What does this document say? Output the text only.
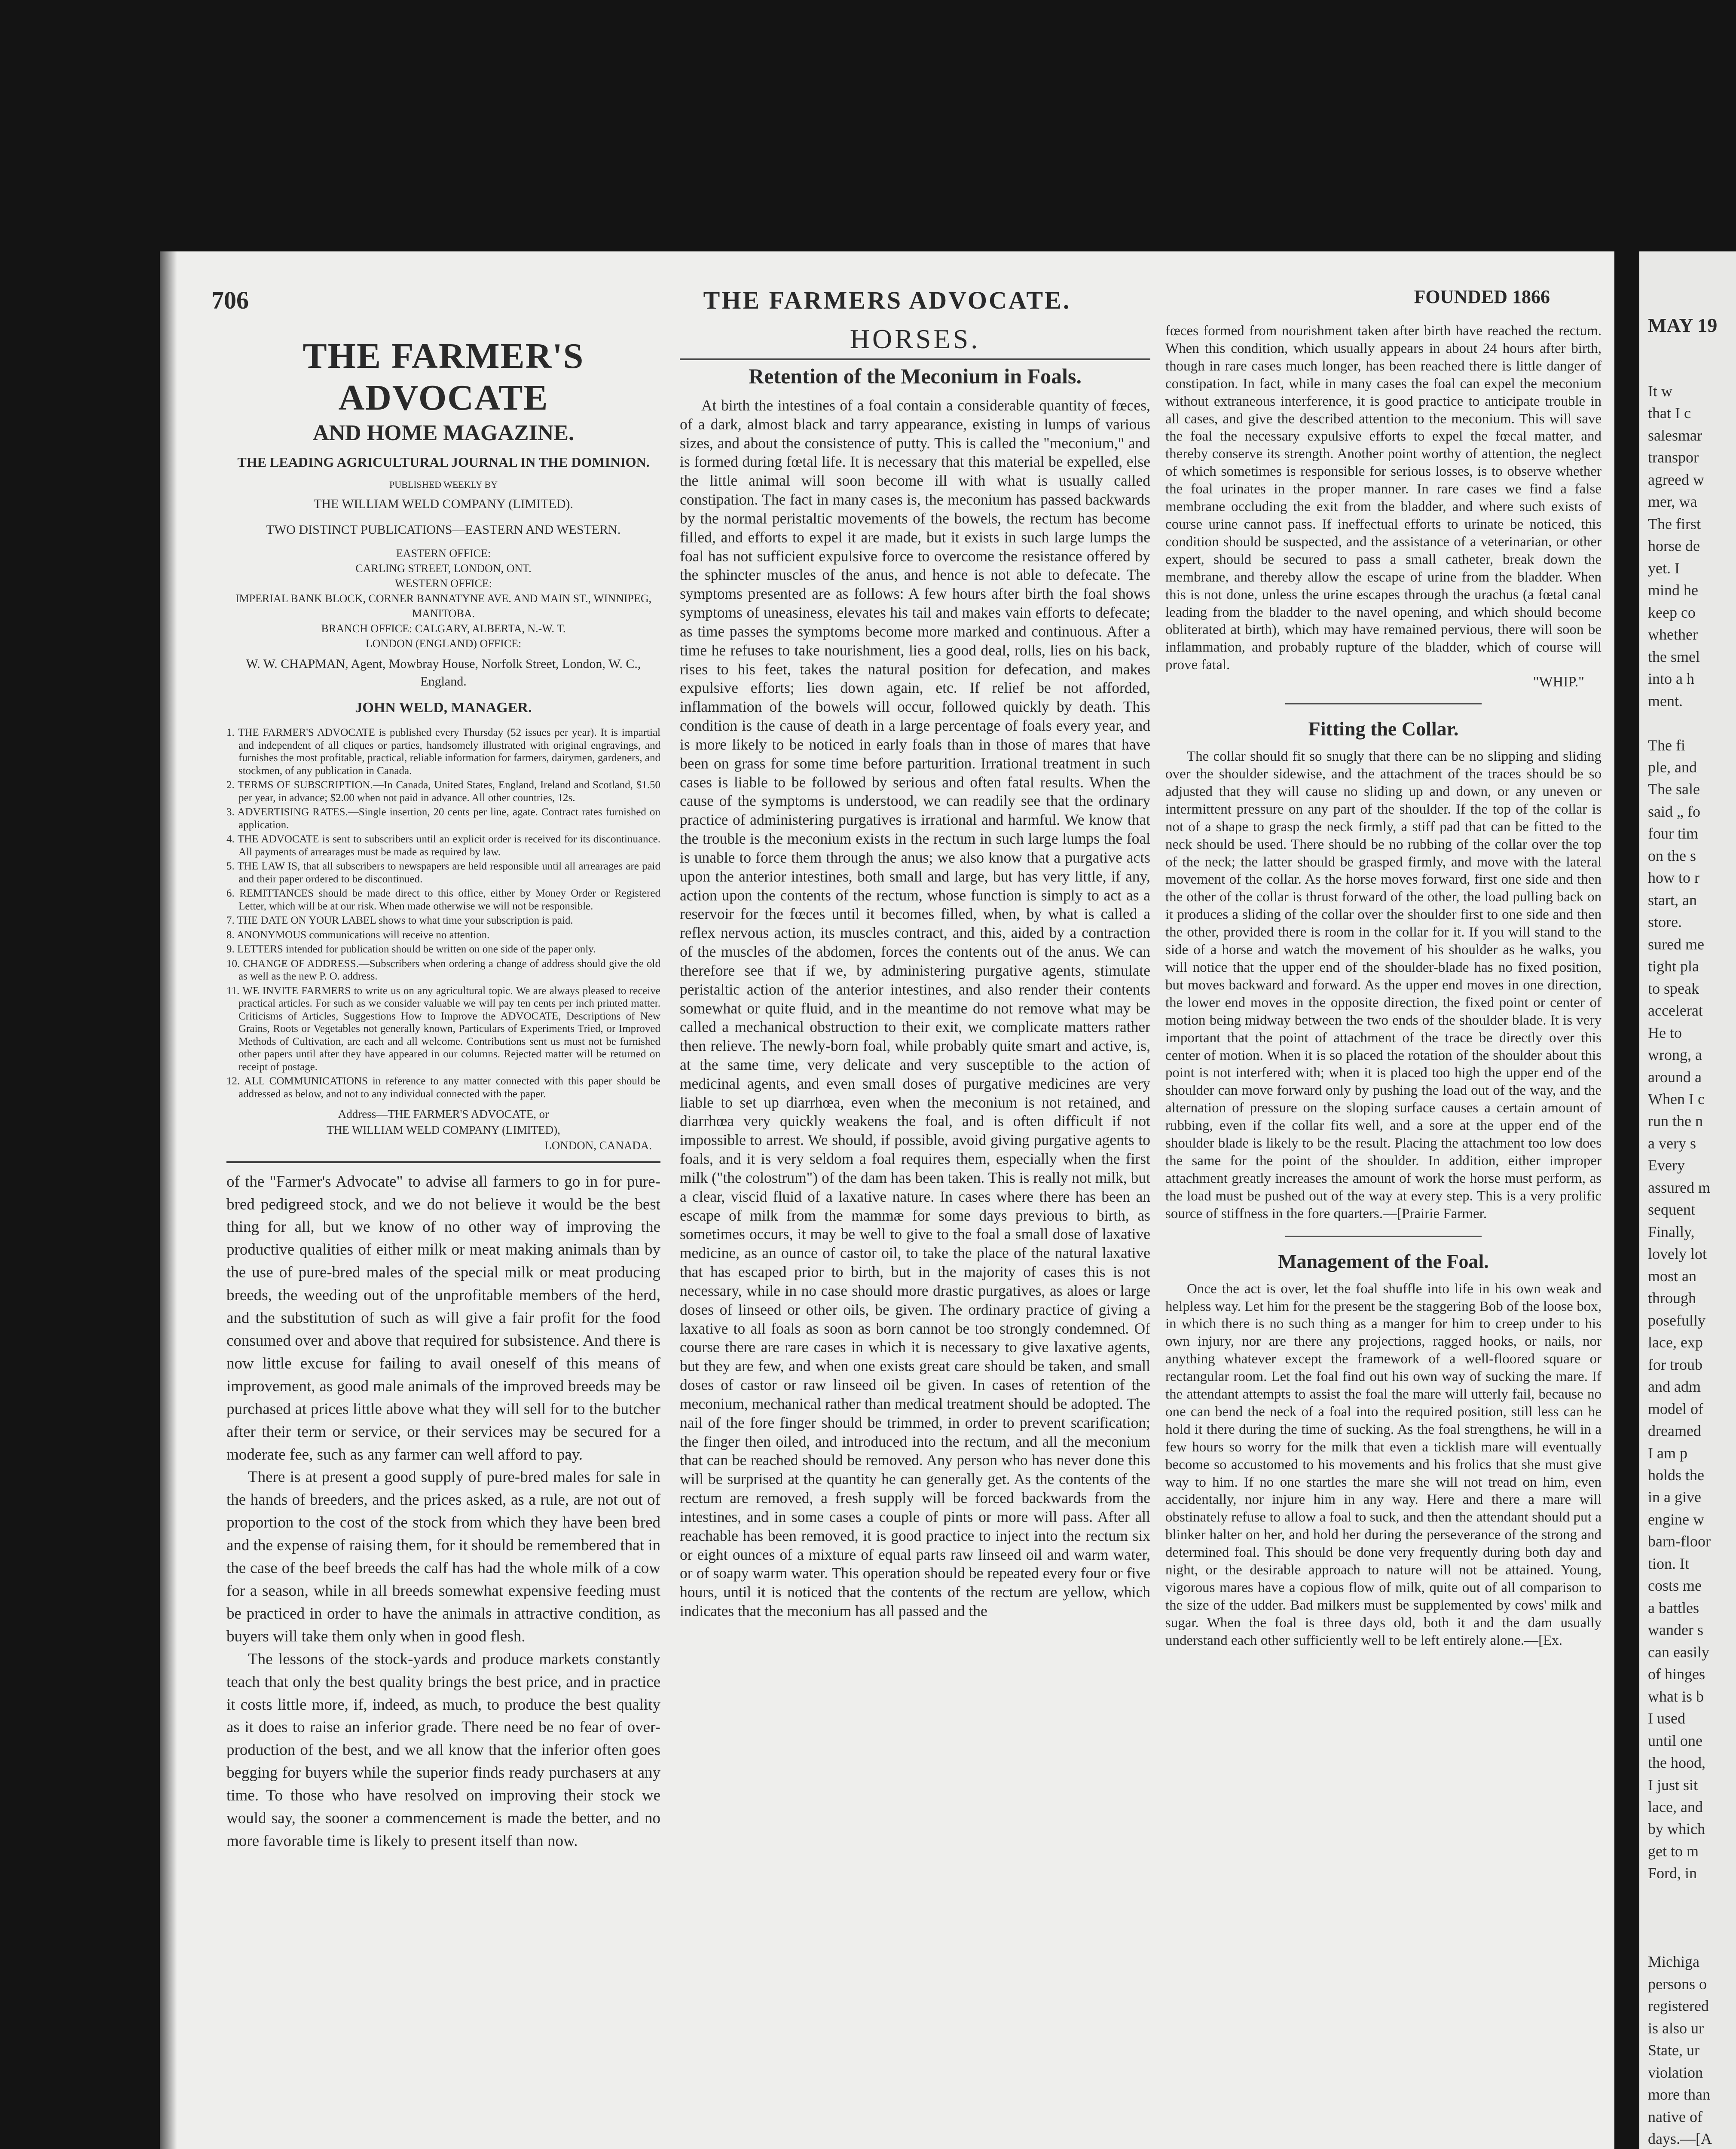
706	THE FARMERS ADVOCATE.	FOUNDED 1866
THE FARMER'S ADVOCATE
AND HOME MAGAZINE.
THE LEADING AGRICULTURAL JOURNAL IN THE DOMINION.
PUBLISHED WEEKLY BY
THE WILLIAM WELD COMPANY (LIMITED).
TWO DISTINCT PUBLICATIONS—EASTERN AND WESTERN.
EASTERN OFFICE:
CARLING STREET, LONDON, ONT.
WESTERN OFFICE:
IMPERIAL BANK BLOCK, CORNER BANNATYNE AVE. AND MAIN ST., WINNIPEG, MANITOBA.
BRANCH OFFICE: CALGARY, ALBERTA, N.-W. T.
LONDON (ENGLAND) OFFICE:
W. W. CHAPMAN, Agent, Mowbray House, Norfolk Street, London, W. C., England.
JOHN WELD, MANAGER.
1. THE FARMER'S ADVOCATE is published every Thursday (52 issues per year). It is impartial and independent of all cliques or parties, handsomely illustrated with original engravings, and furnishes the most profitable, practical, reliable information for farmers, dairymen, gardeners, and stockmen, of any publication in Canada.
2. TERMS OF SUBSCRIPTION.—In Canada, United States, England, Ireland and Scotland, $1.50 per year, in advance; $2.00 when not paid in advance. All other countries, 12s.
3. ADVERTISING RATES.—Single insertion, 20 cents per line, agate. Contract rates furnished on application.
4. THE ADVOCATE is sent to subscribers until an explicit order is received for its discontinuance. All payments of arrearages must be made as required by law.
5. THE LAW IS, that all subscribers to newspapers are held responsible until all arrearages are paid and their paper ordered to be discontinued.
6. REMITTANCES should be made direct to this office, either by Money Order or Registered Letter, which will be at our risk. When made otherwise we will not be responsible.
7. THE DATE ON YOUR LABEL shows to what time your subscription is paid.
8. ANONYMOUS communications will receive no attention.
9. LETTERS intended for publication should be written on one side of the paper only.
10. CHANGE OF ADDRESS.—Subscribers when ordering a change of address should give the old as well as the new P. O. address.
11. WE INVITE FARMERS to write us on any agricultural topic. We are always pleased to receive practical articles. For such as we consider valuable we will pay ten cents per inch printed matter. Criticisms of Articles, Suggestions How to Improve the ADVOCATE, Descriptions of New Grains, Roots or Vegetables not generally known, Particulars of Experiments Tried, or Improved Methods of Cultivation, are each and all welcome. Contributions sent us must not be furnished other papers until after they have appeared in our columns. Rejected matter will be returned on receipt of postage.
12. ALL COMMUNICATIONS in reference to any matter connected with this paper should be addressed as below, and not to any individual connected with the paper.
Address—THE FARMER'S ADVOCATE, or
THE WILLIAM WELD COMPANY (LIMITED),
LONDON, CANADA.

of the "Farmer's Advocate" to advise all farmers to go in for pure-bred pedigreed stock, and we do not believe it would be the best thing for all, but we know of no other way of improving the productive qualities of either milk or meat making animals than by the use of pure-bred males of the special milk or meat producing breeds, the weeding out of the unprofitable members of the herd, and the substitution of such as will give a fair profit for the food consumed over and above that required for subsistence. And there is now little excuse for failing to avail oneself of this means of improvement, as good male animals of the improved breeds may be purchased at prices little above what they will sell for to the butcher after their term or service, or their services may be secured for a moderate fee, such as any farmer can well afford to pay.

There is at present a good supply of pure-bred males for sale in the hands of breeders, and the prices asked, as a rule, are not out of proportion to the cost of the stock from which they have been bred and the expense of raising them, for it should be remembered that in the case of the beef breeds the calf has had the whole milk of a cow for a season, while in all breeds somewhat expensive feeding must be practiced in order to have the animals in attractive condition, as buyers will take them only when in good flesh.

The lessons of the stock-yards and produce markets constantly teach that only the best quality brings the best price, and in practice it costs little more, if, indeed, as much, to produce the best quality as it does to raise an inferior grade. There need be no fear of over-production of the best, and we all know that the inferior often goes begging for buyers while the superior finds ready purchasers at any time. To those who have resolved on improving their stock we would say, the sooner a commencement is made the better, and no more favorable time is likely to present itself than now.

HORSES.
Retention of the Meconium in Foals.

At birth the intestines of a foal contain a considerable quantity of fœces, of a dark, almost black and tarry appearance, existing in lumps of various sizes, and about the consistence of putty. This is called the "meconium," and is formed during fœtal life. It is necessary that this material be expelled, else the little animal will soon become ill with what is usually called constipation. The fact in many cases is, the meconium has passed backwards by the normal peristaltic movements of the bowels, the rectum has become filled, and efforts to expel it are made, but it exists in such large lumps the foal has not sufficient expulsive force to overcome the resistance offered by the sphincter muscles of the anus, and hence is not able to defecate. The symptoms presented are as follows: A few hours after birth the foal shows symptoms of uneasiness, elevates his tail and makes vain efforts to defecate; as time passes the symptoms become more marked and continuous. After a time he refuses to take nourishment, lies a good deal, rolls, lies on his back, rises to his feet, takes the natural position for defecation, and makes expulsive efforts; lies down again, etc. If relief be not afforded, inflammation of the bowels will occur, followed quickly by death. This condition is the cause of death in a large percentage of foals every year, and is more likely to be noticed in early foals than in those of mares that have been on grass for some time before parturition. Irrational treatment in such cases is liable to be followed by serious and often fatal results. When the cause of the symptoms is understood, we can readily see that the ordinary practice of administering purgatives is irrational and harmful. We know that the trouble is the meconium exists in the rectum in such large lumps the foal is unable to force them through the anus; we also know that a purgative acts upon the anterior intestines, both small and large, but has very little, if any, action upon the contents of the rectum, whose function is simply to act as a reservoir for the fœces until it becomes filled, when, by what is called a reflex nervous action, its muscles contract, and this, aided by a contraction of the muscles of the abdomen, forces the contents out of the anus. We can therefore see that if we, by administering purgative agents, stimulate peristaltic action of the anterior intestines, and also render their contents somewhat or quite fluid, and in the meantime do not remove what may be called a mechanical obstruction to their exit, we complicate matters rather then relieve. The newly-born foal, while probably quite smart and active, is, at the same time, very delicate and very susceptible to the action of medicinal agents, and even small doses of purgative medicines are very liable to set up diarrhœa, even when the meconium is not retained, and diarrhœa very quickly weakens the foal, and is often difficult if not impossible to arrest. We should, if possible, avoid giving purgative agents to foals, and it is very seldom a foal requires them, especially when the first milk ("the colostrum") of the dam has been taken. This is really not milk, but a clear, viscid fluid of a laxative nature. In cases where there has been an escape of milk from the mammæ for some days previous to birth, as sometimes occurs, it may be well to give to the foal a small dose of laxative medicine, as an ounce of castor oil, to take the place of the natural laxative that has escaped prior to birth, but in the majority of cases this is not necessary, while in no case should more drastic purgatives, as aloes or large doses of linseed or other oils, be given. The ordinary practice of giving a laxative to all foals as soon as born cannot be too strongly condemned. Of course there are rare cases in which it is necessary to give laxative agents, but they are few, and when one exists great care should be taken, and small doses of castor or raw linseed oil be given. In cases of retention of the meconium, mechanical rather than medical treatment should be adopted. The nail of the fore finger should be trimmed, in order to prevent scarification; the finger then oiled, and introduced into the rectum, and all the meconium that can be reached should be removed. Any person who has never done this will be surprised at the quantity he can generally get. As the contents of the rectum are removed, a fresh supply will be forced backwards from the intestines, and in some cases a couple of pints or more will pass. After all reachable has been removed, it is good practice to inject into the rectum six or eight ounces of a mixture of equal parts raw linseed oil and warm water, or of soapy warm water. This operation should be repeated every four or five hours, until it is noticed that the contents of the rectum are yellow, which indicates that the meconium has all passed and the

fœces formed from nourishment taken after birth have reached the rectum. When this condition, which usually appears in about 24 hours after birth, though in rare cases much longer, has been reached there is little danger of constipation. In fact, while in many cases the foal can expel the meconium without extraneous interference, it is good practice to anticipate trouble in all cases, and give the described attention to the meconium. This will save the foal the necessary expulsive efforts to expel the fœcal matter, and thereby conserve its strength. Another point worthy of attention, the neglect of which sometimes is responsible for serious losses, is to observe whether the foal urinates in the proper manner. In rare cases we find a false membrane occluding the exit from the bladder, and where such exists of course urine cannot pass. If ineffectual efforts to urinate be noticed, this condition should be suspected, and the assistance of a veterinarian, or other expert, should be secured to pass a small catheter, break down the membrane, and thereby allow the escape of urine from the bladder. When this is not done, unless the urine escapes through the urachus (a fœtal canal leading from the bladder to the navel opening, and which should become obliterated at birth), which may have remained pervious, there will soon be inflammation, and probably rupture of the bladder, which of course will prove fatal.

"WHIP."
Fitting the Collar.

The collar should fit so snugly that there can be no slipping and sliding over the shoulder sidewise, and the attachment of the traces should be so adjusted that they will cause no sliding up and down, or any uneven or intermittent pressure on any part of the shoulder. If the top of the collar is not of a shape to grasp the neck firmly, a stiff pad that can be fitted to the neck should be used. There should be no rubbing of the collar over the top of the neck; the latter should be grasped firmly, and move with the lateral movement of the collar. As the horse moves forward, first one side and then the other of the collar is thrust forward of the other, the load pulling back on it produces a sliding of the collar over the shoulder first to one side and then the other, provided there is room in the collar for it. If you will stand to the side of a horse and watch the movement of his shoulder as he walks, you will notice that the upper end of the shoulder-blade has no fixed position, but moves backward and forward. As the upper end moves in one direction, the lower end moves in the opposite direction, the fixed point or center of motion being midway between the two ends of the shoulder blade. It is very important that the point of attachment of the trace be directly over this center of motion. When it is so placed the rotation of the shoulder about this point is not interfered with; when it is placed too high the upper end of the shoulder can move forward only by pushing the load out of the way, and the alternation of pressure on the sloping surface causes a certain amount of rubbing, even if the collar fits well, and a sore at the upper end of the shoulder blade is likely to be the result. Placing the attachment too low does the same for the point of the shoulder. In addition, either improper attachment greatly increases the amount of work the horse must perform, as the load must be pushed out of the way at every step. This is a very prolific source of stiffness in the fore quarters.—[Prairie Farmer.

Management of the Foal.

Once the act is over, let the foal shuffle into life in his own weak and helpless way. Let him for the present be the staggering Bob of the loose box, in which there is no such thing as a manger for him to creep under to his own injury, nor are there any projections, ragged hooks, or nails, nor anything whatever except the framework of a well-floored square or rectangular room. Let the foal find out his own way of sucking the mare. If the attendant attempts to assist the foal the mare will utterly fail, because no one can bend the neck of a foal into the required position, still less can he hold it there during the time of sucking. As the foal strengthens, he will in a few hours so worry for the milk that even a ticklish mare will eventually become so accustomed to his movements and his frolics that she must give way to him. If no one startles the mare she will not tread on him, even accidentally, nor injure him in any way. Here and there a mare will obstinately refuse to allow a foal to suck, and then the attendant should put a blinker halter on her, and hold her during the perseverance of the strong and determined foal. This should be done very frequently during both day and night, or the desirable approach to nature will not be attained. Young, vigorous mares have a copious flow of milk, quite out of all comparison to the size of the udder. Bad milkers must be supplemented by cows' milk and sugar. When the foal is three days old, both it and the dam usually understand each other sufficiently well to be left entirely alone.—[Ex.

MAY 19
It w
that I c
salesmar
transpor
agreed w
mer, wa
The first
horse de
yet. I
mind he
keep co
whether
the smel
into a h
ment.

The fi
ple, and
The sale
said „ fo
four tim
on the s
how to r
start, an
store.
sured me
tight pla
to speak
accelerat
He to
wrong, a
around a
When I c
run the n
a very s
Every
assured m
sequent
Finally,
lovely lot
most an
through
posefully
lace, exp
for troub
and adm
model of
dreamed
I am p
holds the
in a give
engine w
barn-floor
tion. It
costs me
a battles
wander s
can easily
of hinges
what is b
I used
until one
the hood,
I just sit
lace, and
by which
get to m
Ford, in

Michiga
persons o
registered
is also ur
State, ur
violation
more than
native of
days.—[A
